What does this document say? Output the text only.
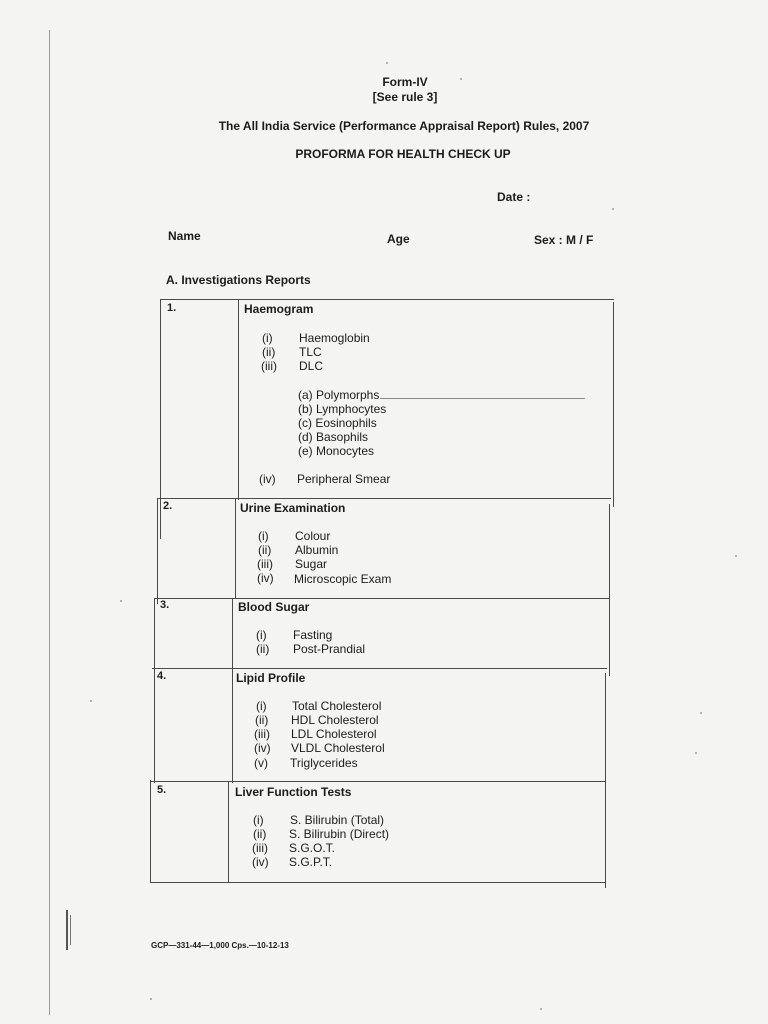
Form-IV
[See rule 3]
The All India Service (Performance Appraisal Report) Rules, 2007
PROFORMA FOR HEALTH CHECK UP
Date :
Name	Age	Sex : M / F
A. Investigations Reports
1.	Haemogram
(i) Haemoglobin
(ii) TLC
(iii) DLC
(a) Polymorphs
(b) Lymphocytes
(c) Eosinophils
(d) Basophils
(e) Monocytes
(iv) Peripheral Smear
2.	Urine Examination
(i) Colour
(ii) Albumin
(iii) Sugar
(iv) Microscopic Exam
3.	Blood Sugar
(i) Fasting
(ii) Post-Prandial
4.	Lipid Profile
(i) Total Cholesterol
(ii) HDL Cholesterol
(iii) LDL Cholesterol
(iv) VLDL Cholesterol
(v) Triglycerides
5.	Liver Function Tests
(i) S. Bilirubin (Total)
(ii) S. Bilirubin (Direct)
(iii) S.G.O.T.
(iv) S.G.P.T.
GCP—331-44—1,000 Cps.—10-12-13
